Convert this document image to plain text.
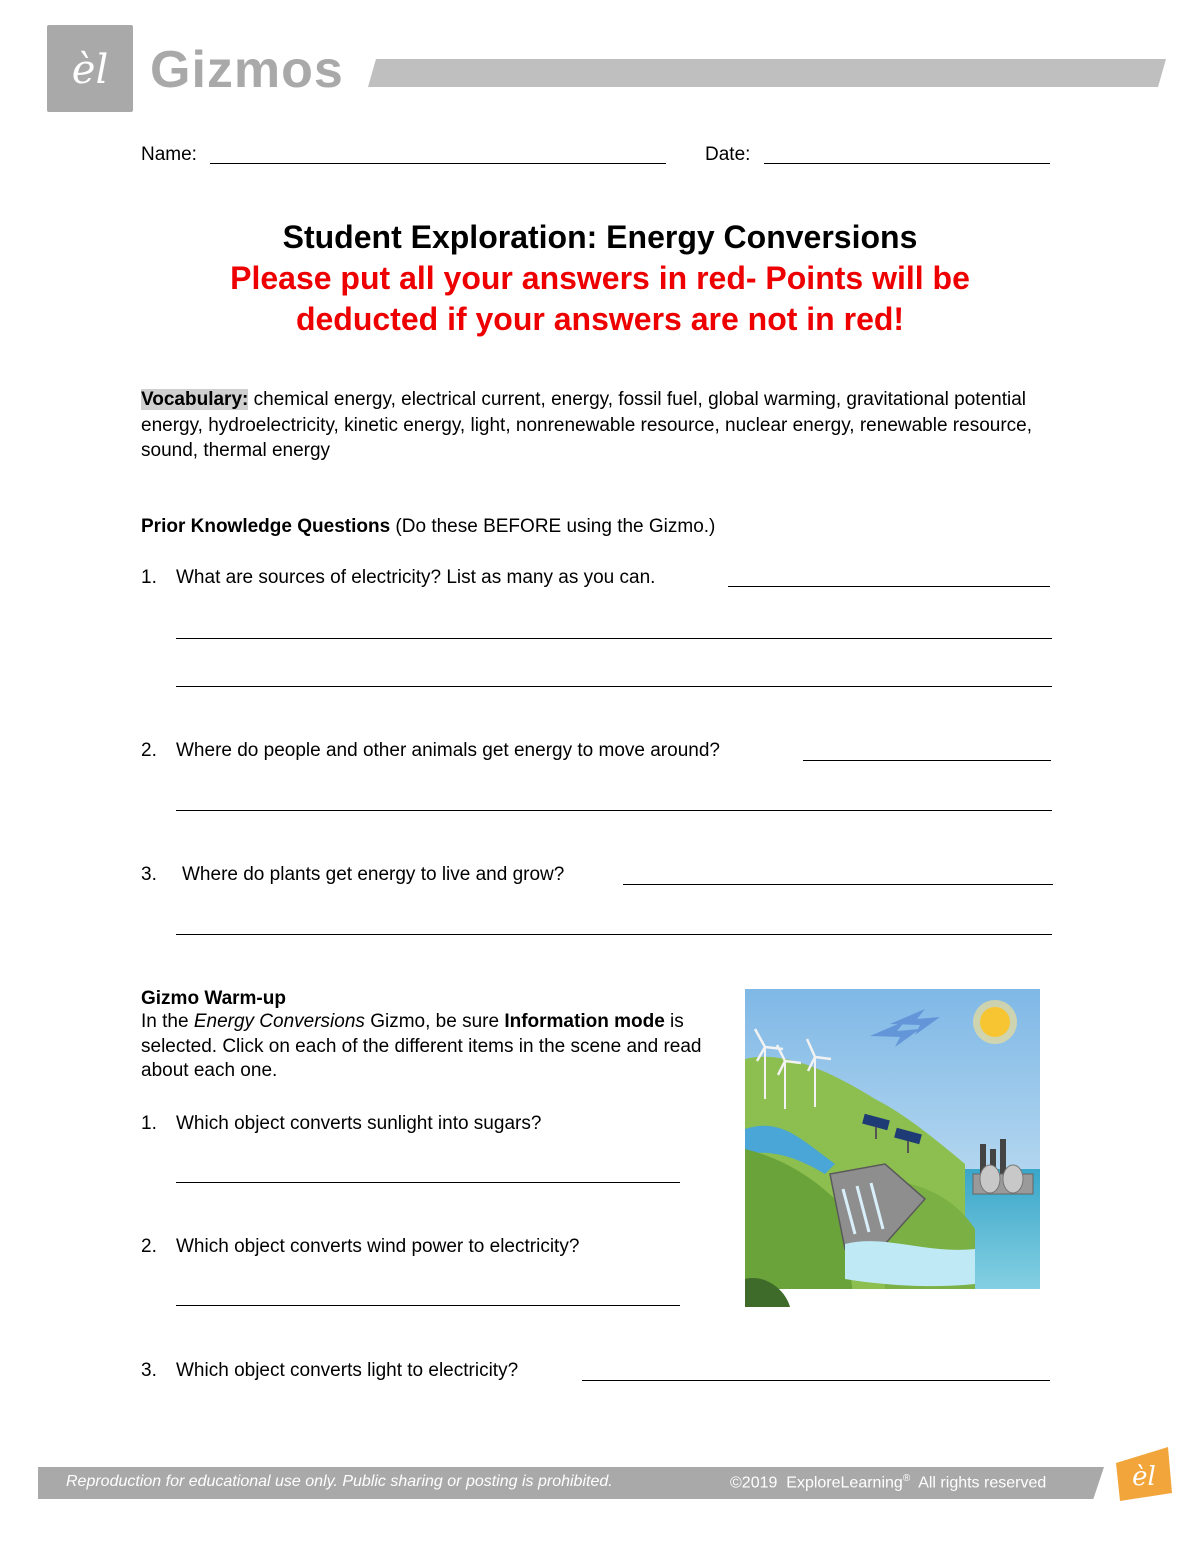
èl Gizmos
Name:	Date:
Student Exploration: Energy Conversions
Please put all your answers in red- Points will be
deducted if your answers are not in red!
Vocabulary: chemical energy, electrical current, energy, fossil fuel, global warming, gravitational potential energy, hydroelectricity, kinetic energy, light, nonrenewable resource, nuclear energy, renewable resource, sound, thermal energy
Prior Knowledge Questions (Do these BEFORE using the Gizmo.)
1. What are sources of electricity? List as many as you can.
2. Where do people and other animals get energy to move around?
3. Where do plants get energy to live and grow?
Gizmo Warm-up
In the Energy Conversions Gizmo, be sure Information mode is selected. Click on each of the different items in the scene and read about each one.
1. Which object converts sunlight into sugars?
2. Which object converts wind power to electricity?
3. Which object converts light to electricity?
Reproduction for educational use only. Public sharing or posting is prohibited.	©2019 ExploreLearning® All rights reserved	èl
